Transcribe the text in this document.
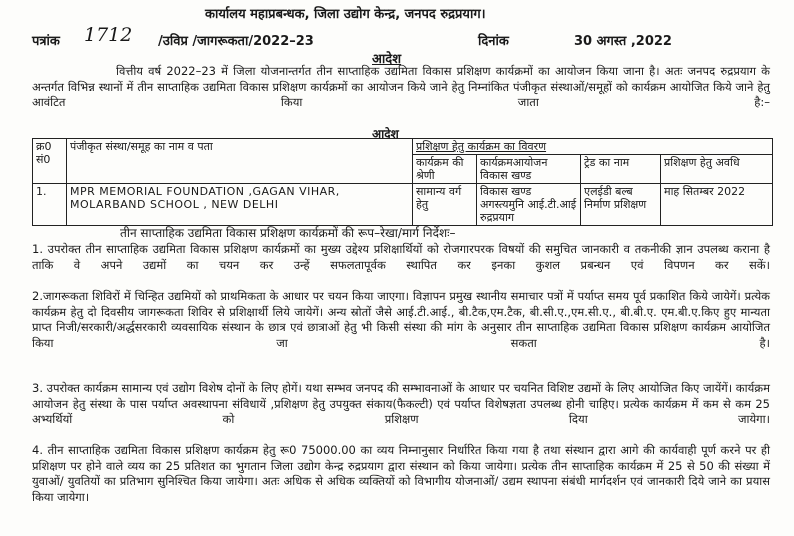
कार्यालय महाप्रबन्धक, जिला उद्योग केन्द्र, जनपद रुद्रप्रयाग।
पत्रांक 1712 /उविप्र /जागरूकता/2022–23	दिनांक	30 अगस्त ,2022
आदेश
वित्तीय वर्ष 2022–23 में जिला योजनान्तर्गत तीन साप्ताहिक उद्यमिता विकास प्रशिक्षण कार्यक्रमों का आयोजन किया जाना है। अतः जनपद रुद्रप्रयाग के अन्तर्गत विभिन्न स्थानों में तीन साप्ताहिक उद्यमिता विकास प्रशिक्षण कार्यक्रमों का आयोजन किये जाने हेतु निम्नांकित पंजीकृत संस्थाओं/समूहों को कार्यक्रम आयोजित किये जाने हेतु आवंटित किया जाता है:–
आदेश
क्र0 सं0	पंजीकृत संस्था/समूह का नाम व पता	प्रशिक्षण हेतु कार्यक्रम का विवरण			
		कार्यक्रम की श्रेणी	कार्यक्रमआयोजन विकास खण्ड	ट्रेड का नाम	प्रशिक्षण हेतु अवधि
1.	MPR MEMORIAL FOUNDATION ,GAGAN VIHAR, MOLARBAND SCHOOL , NEW DELHI	सामान्य वर्ग हेतु	विकास खण्ड अगस्त्यमुनि आई.टी.आई रुद्रप्रयाग	एलईडी बल्ब निर्माण प्रशिक्षण	माह सितम्बर 2022
तीन साप्ताहिक उद्यमिता विकास प्रशिक्षण कार्यक्रमों की रूप–रेखा/मार्ग निर्देशः–
1. उपरोक्त तीन साप्ताहिक उद्यमिता विकास प्रशिक्षण कार्यक्रमों का मुख्य उद्देश्य प्रशिक्षार्थियों को रोजगारपरक विषयों की समुचित जानकारी व तकनीकी ज्ञान उपलब्ध कराना है ताकि वे अपने उद्यमों का चयन कर उन्हें सफलतापूर्वक स्थापित कर इनका कुशल प्रबन्धन एवं विपणन कर सकें।
2.जागरूकता शिविरों में चिन्हित उद्यमियों को प्राथमिकता के आधार पर चयन किया जाएगा। विज्ञापन प्रमुख स्थानीय समाचार पत्रों में पर्याप्त समय पूर्व प्रकाशित किये जायेगें। प्रत्येक कार्यक्रम हेतु दो दिवसीय जागरूकता शिविर से प्रशिक्षार्थी लिये जायेगें। अन्य स्रोतों जैसे आई.टी.आई., बी.टैक,एम.टैक, बी.सी.ए.,एम.सी.ए., बी.बी.ए. एम.बी.ए.किए हुए मान्यता प्राप्त निजी/सरकारी/अर्द्धसरकारी व्यवसायिक संस्थान के छात्र एवं छात्राओं हेतु भी किसी संस्था की मांग के अनुसार तीन साप्ताहिक उद्यमिता विकास प्रशिक्षण कार्यक्रम आयोजित किया जा सकता है।
3. उपरोक्त कार्यक्रम सामान्य एवं उद्योग विशेष दोनों के लिए होगें। यथा सम्भव जनपद की सम्भावनाओं के आधार पर चयनित विशिष्ट उद्यमों के लिए आयोजित किए जायेंगें। कार्यक्रम आयोजन हेतु संस्था के पास पर्याप्त अवस्थापना संविधायें ,प्रशिक्षण हेतु उपयुक्त संकाय(फैकल्टी) एवं पर्याप्त विशेषज्ञता उपलब्ध होनी चाहिए। प्रत्येक कार्यक्रम में कम से कम 25 अभ्यर्थियों को प्रशिक्षण दिया जायेगा।
4. तीन साप्ताहिक उद्यमिता विकास प्रशिक्षण कार्यक्रम हेतु रू0 75000.00 का व्यय निम्नानुसार निर्धारित किया गया है तथा संस्थान द्वारा आगे की कार्यवाही पूर्ण करने पर ही प्रशिक्षण पर होने वाले व्यय का 25 प्रतिशत का भुगतान जिला उद्योग केन्द्र रुद्रप्रयाग द्वारा संस्थान को किया जायेगा। प्रत्येक तीन साप्ताहिक कार्यक्रम में 25 से 50 की संख्या में युवाओं/ युवतियों का प्रतिभाग सुनिश्चित किया जायेगा। अतः अधिक से अधिक व्यक्तियों को विभागीय योजनाओं/ उद्यम स्थापना संबंधी मार्गदर्शन एवं जानकारी दिये जाने का प्रयास किया जायेगा।
